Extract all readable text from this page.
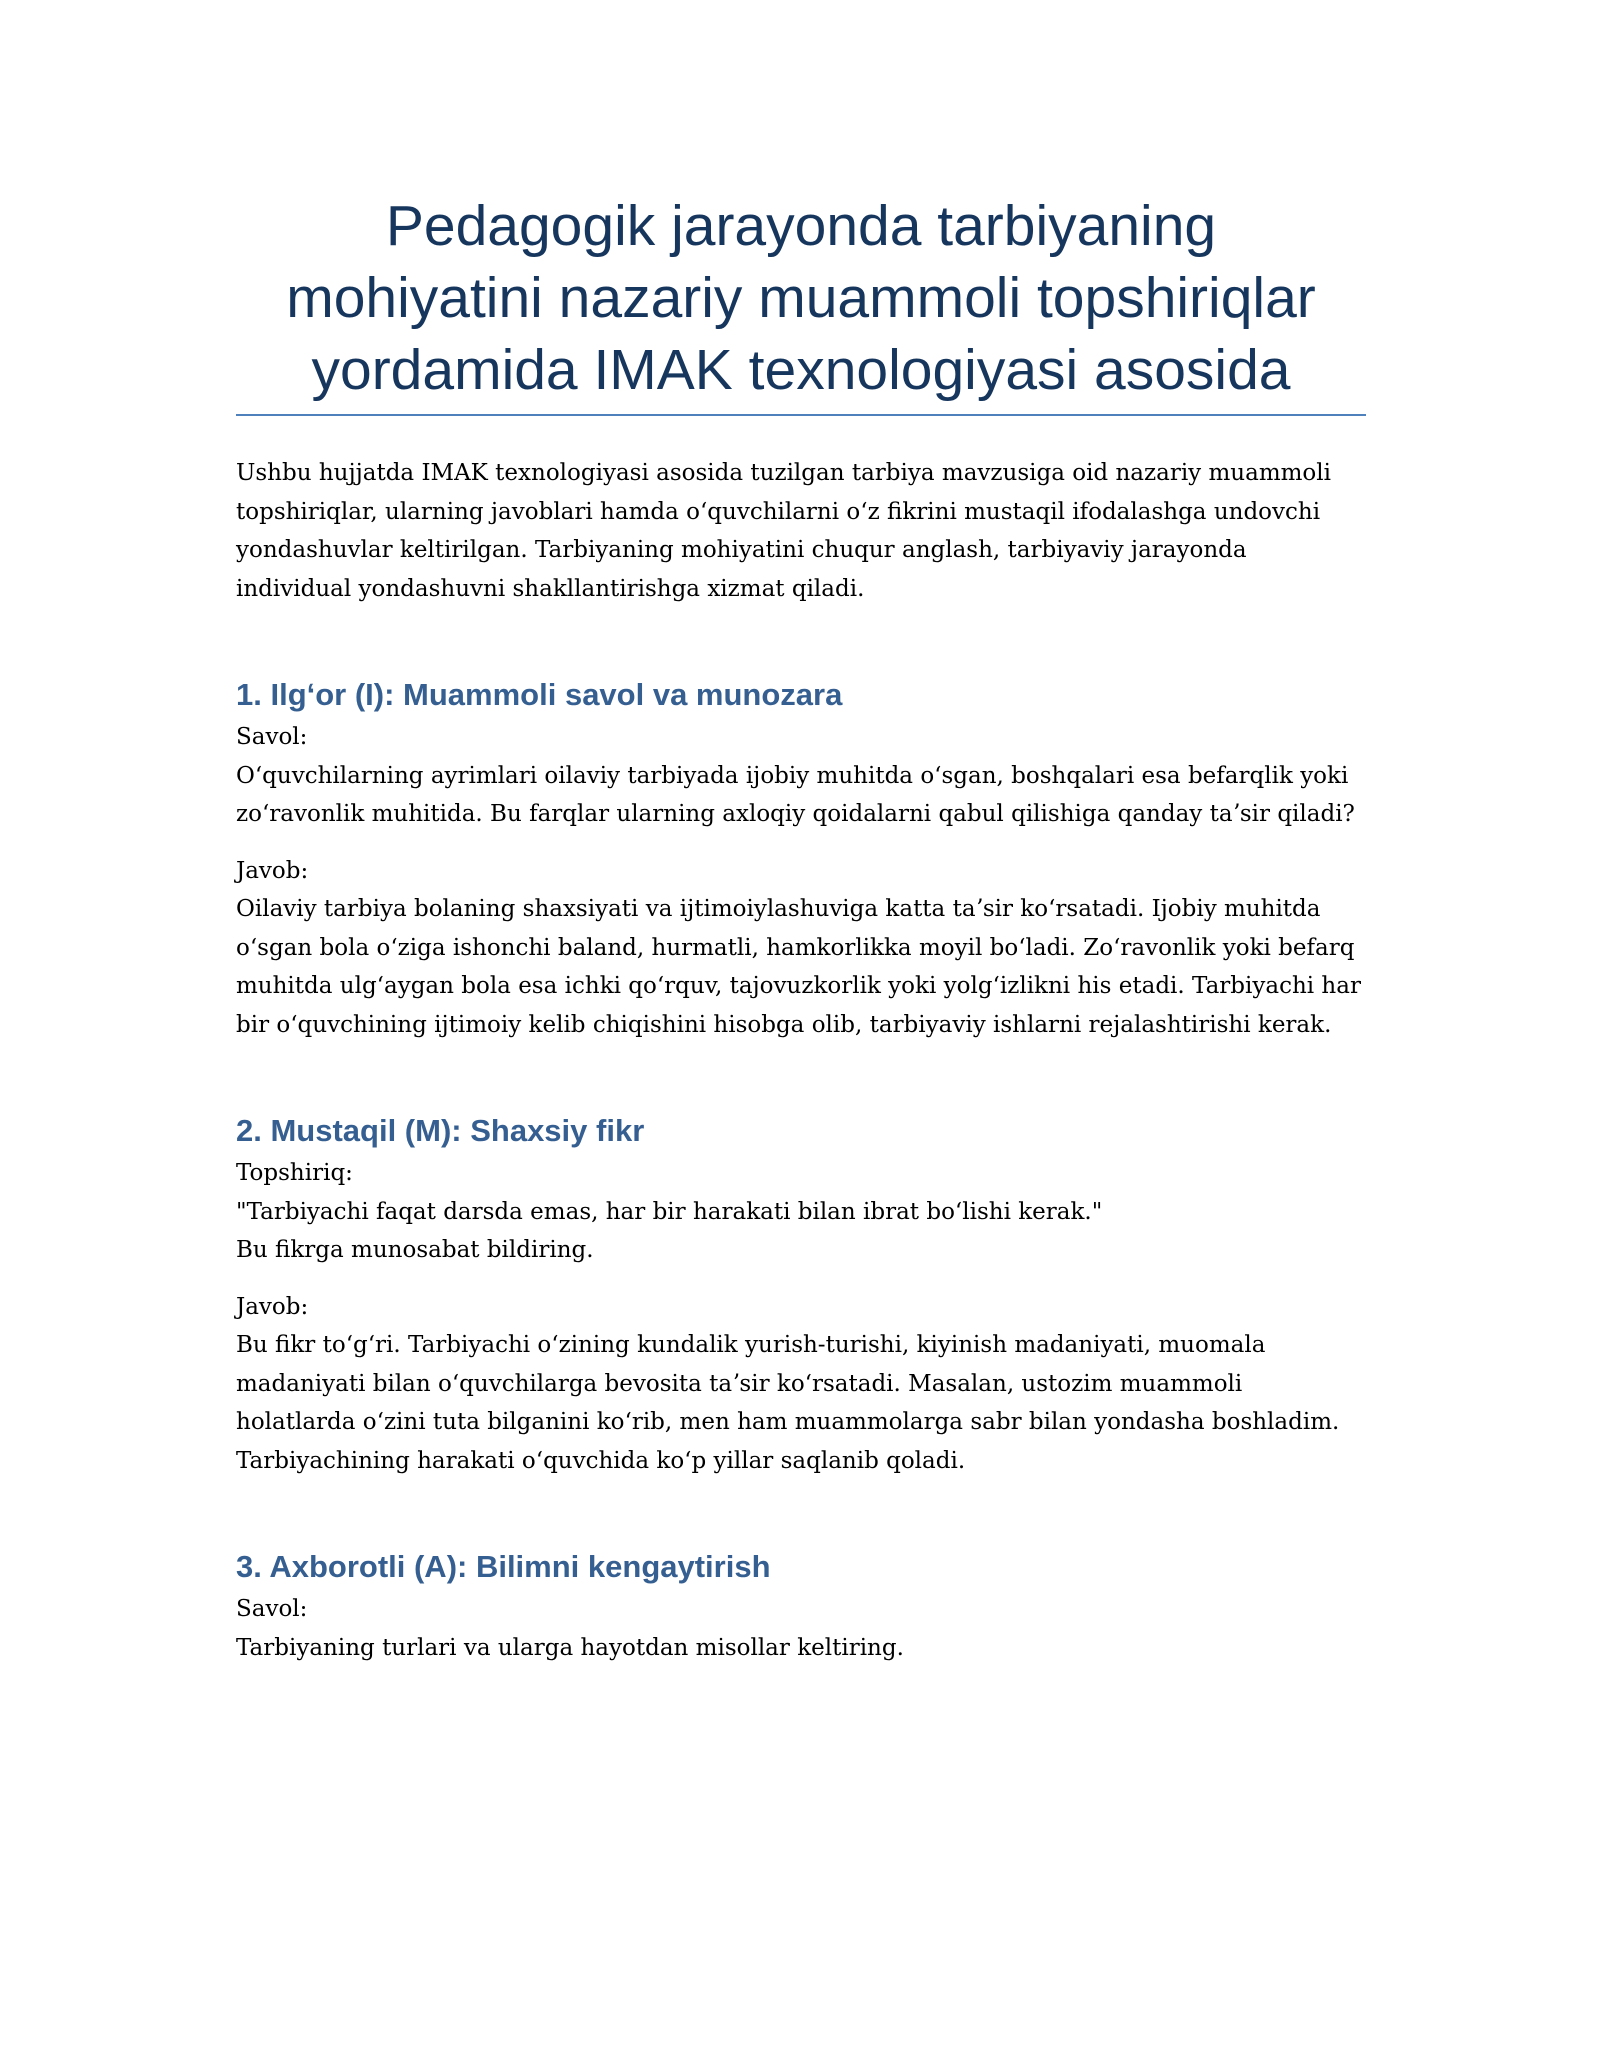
Pedagogik jarayonda tarbiyaning mohiyatini nazariy muammoli topshiriqlar yordamida IMAK texnologiyasi asosida

Ushbu hujjatda IMAK texnologiyasi asosida tuzilgan tarbiya mavzusiga oid nazariy muammoli topshiriqlar, ularning javoblari hamda oʻquvchilarni oʻz fikrini mustaqil ifodalashga undovchi yondashuvlar keltirilgan. Tarbiyaning mohiyatini chuqur anglash, tarbiyaviy jarayonda individual yondashuvni shakllantirishga xizmat qiladi.

1. Ilgʻor (I): Muammoli savol va munozara
Savol:
Oʻquvchilarning ayrimlari oilaviy tarbiyada ijobiy muhitda oʻsgan, boshqalari esa befarqlik yoki zoʻravonlik muhitida. Bu farqlar ularning axloqiy qoidalarni qabul qilishiga qanday taʼsir qiladi?
Javob:
Oilaviy tarbiya bolaning shaxsiyati va ijtimoiylashuviga katta taʼsir koʻrsatadi. Ijobiy muhitda oʻsgan bola oʻziga ishonchi baland, hurmatli, hamkorlikka moyil boʻladi. Zoʻravonlik yoki befarq muhitda ulgʻaygan bola esa ichki qoʻrquv, tajovuzkorlik yoki yolgʻizlikni his etadi. Tarbiyachi har bir oʻquvchining ijtimoiy kelib chiqishini hisobga olib, tarbiyaviy ishlarni rejalashtirishi kerak.
2. Mustaqil (M): Shaxsiy fikr
Topshiriq:
"Tarbiyachi faqat darsda emas, har bir harakati bilan ibrat boʻlishi kerak."
Bu fikrga munosabat bildiring.
Javob:
Bu fikr toʻgʻri. Tarbiyachi oʻzining kundalik yurish-turishi, kiyinish madaniyati, muomala madaniyati bilan oʻquvchilarga bevosita taʼsir koʻrsatadi. Masalan, ustozim muammoli holatlarda oʻzini tuta bilganini koʻrib, men ham muammolarga sabr bilan yondasha boshladim. Tarbiyachining harakati oʻquvchida koʻp yillar saqlanib qoladi.
3. Axborotli (A): Bilimni kengaytirish
Savol:
Tarbiyaning turlari va ularga hayotdan misollar keltiring.
